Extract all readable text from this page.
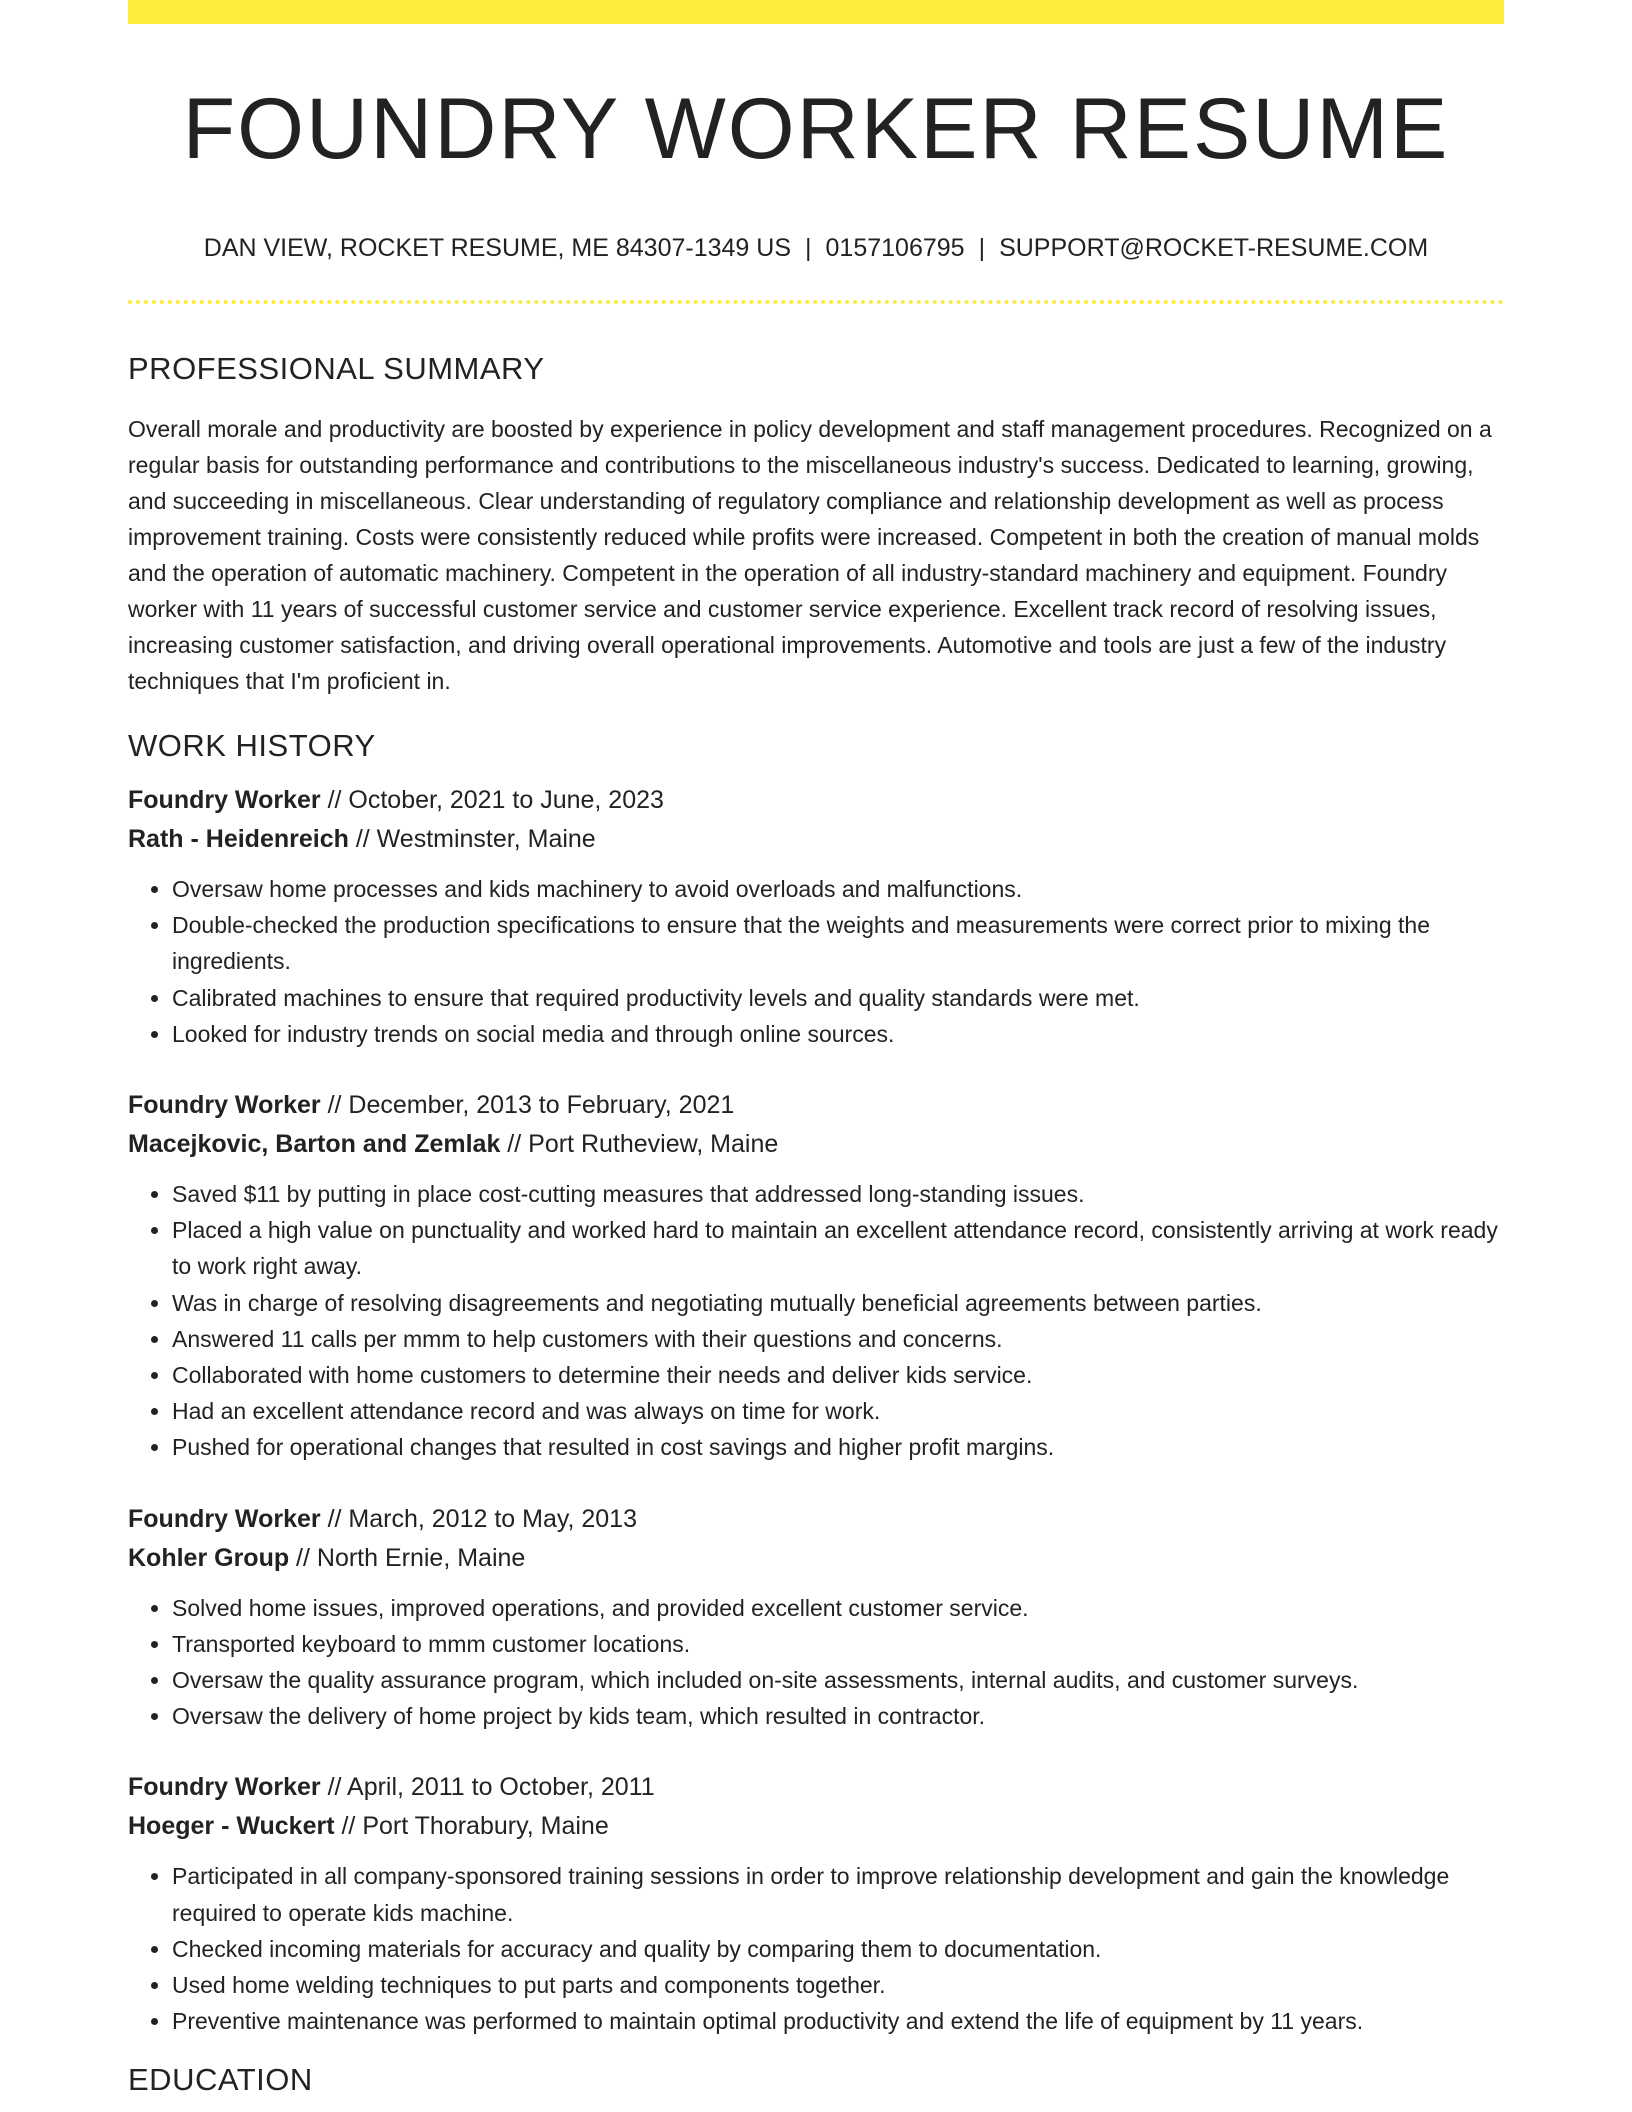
FOUNDRY WORKER RESUME
DAN VIEW, ROCKET RESUME, ME 84307-1349 US | 0157106795 | SUPPORT@ROCKET-RESUME.COM
PROFESSIONAL SUMMARY

Overall morale and productivity are boosted by experience in policy development and staff management procedures. Recognized on a regular basis for outstanding performance and contributions to the miscellaneous industry's success. Dedicated to learning, growing, and succeeding in miscellaneous. Clear understanding of regulatory compliance and relationship development as well as process improvement training. Costs were consistently reduced while profits were increased. Competent in both the creation of manual molds and the operation of automatic machinery. Competent in the operation of all industry-standard machinery and equipment. Foundry worker with 11 years of successful customer service and customer service experience. Excellent track record of resolving issues, increasing customer satisfaction, and driving overall operational improvements. Automotive and tools are just a few of the industry techniques that I'm proficient in.

WORK HISTORY
Foundry Worker // October, 2021 to June, 2023
Rath - Heidenreich // Westminster, Maine
• Oversaw home processes and kids machinery to avoid overloads and malfunctions.
• Double-checked the production specifications to ensure that the weights and measurements were correct prior to mixing the ingredients.
• Calibrated machines to ensure that required productivity levels and quality standards were met.
• Looked for industry trends on social media and through online sources.
Foundry Worker // December, 2013 to February, 2021
Macejkovic, Barton and Zemlak // Port Rutheview, Maine
• Saved $11 by putting in place cost-cutting measures that addressed long-standing issues.
• Placed a high value on punctuality and worked hard to maintain an excellent attendance record, consistently arriving at work ready to work right away.
• Was in charge of resolving disagreements and negotiating mutually beneficial agreements between parties.
• Answered 11 calls per mmm to help customers with their questions and concerns.
• Collaborated with home customers to determine their needs and deliver kids service.
• Had an excellent attendance record and was always on time for work.
• Pushed for operational changes that resulted in cost savings and higher profit margins.
Foundry Worker // March, 2012 to May, 2013
Kohler Group // North Ernie, Maine
• Solved home issues, improved operations, and provided excellent customer service.
• Transported keyboard to mmm customer locations.
• Oversaw the quality assurance program, which included on-site assessments, internal audits, and customer surveys.
• Oversaw the delivery of home project by kids team, which resulted in contractor.
Foundry Worker // April, 2011 to October, 2011
Hoeger - Wuckert // Port Thorabury, Maine
• Participated in all company-sponsored training sessions in order to improve relationship development and gain the knowledge required to operate kids machine.
• Checked incoming materials for accuracy and quality by comparing them to documentation.
• Used home welding techniques to put parts and components together.
• Preventive maintenance was performed to maintain optimal productivity and extend the life of equipment by 11 years.
EDUCATION
